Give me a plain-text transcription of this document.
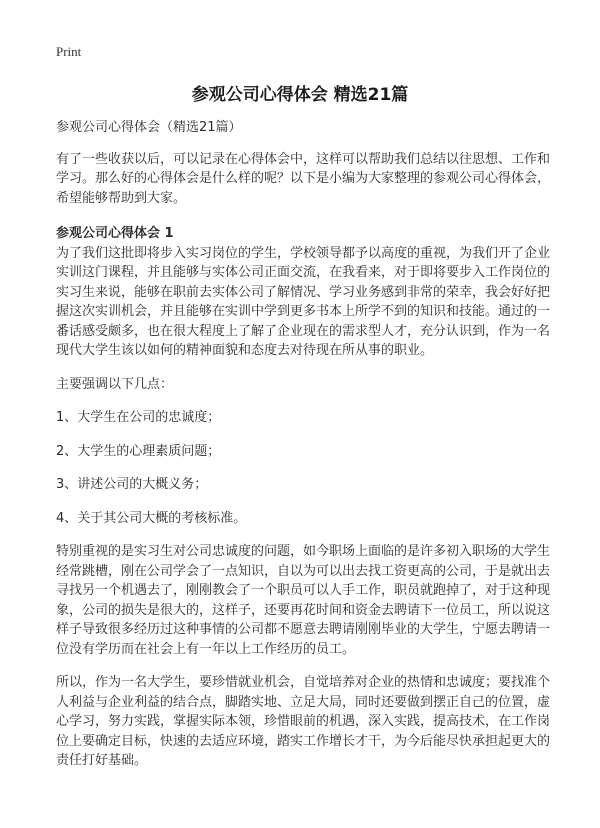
Print
参观公司心得体会 精选21篇

参观公司心得体会（精选21篇）

有了一些收获以后，可以记录在心得体会中，这样可以帮助我们总结以往思想、工作和学习。那么好的心得体会是什么样的呢？以下是小编为大家整理的参观公司心得体会，希望能够帮助到大家。

参观公司心得体会 1

为了我们这批即将步入实习岗位的学生，学校领导都予以高度的重视，为我们开了企业实训这门课程，并且能够与实体公司正面交流，在我看来，对于即将要步入工作岗位的实习生来说，能够在职前去实体公司了解情况、学习业务感到非常的荣幸，我会好好把握这次实训机会，并且能够在实训中学到更多书本上所学不到的知识和技能。通过的一番话感受颇多，也在很大程度上了解了企业现在的需求型人才，充分认识到，作为一名现代大学生该以如何的精神面貌和态度去对待现在所从事的职业。

主要强调以下几点：

1、大学生在公司的忠诚度；

2、大学生的心理素质问题；

3、讲述公司的大概义务；

4、关于其公司大概的考核标准。

特别重视的是实习生对公司忠诚度的问题，如今职场上面临的是许多初入职场的大学生经常跳槽，刚在公司学会了一点知识，自以为可以出去找工资更高的公司，于是就出去寻找另一个机遇去了，刚刚教会了一个职员可以人手工作，职员就跑掉了，对于这种现象，公司的损失是很大的，这样子，还要再花时间和资金去聘请下一位员工，所以说这样子导致很多经历过这种事情的公司都不愿意去聘请刚刚毕业的大学生，宁愿去聘请一位没有学历而在社会上有一年以上工作经历的员工。

所以，作为一名大学生，要珍惜就业机会，自觉培养对企业的热情和忠诚度；要找准个人利益与企业利益的结合点，脚踏实地、立足大局，同时还要做到摆正自己的位置，虚心学习，努力实践，掌握实际本领，珍惜眼前的机遇，深入实践，提高技术，在工作岗位上要确定目标，快速的去适应环境，踏实工作增长才干，为今后能尽快承担起更大的责任打好基础。
